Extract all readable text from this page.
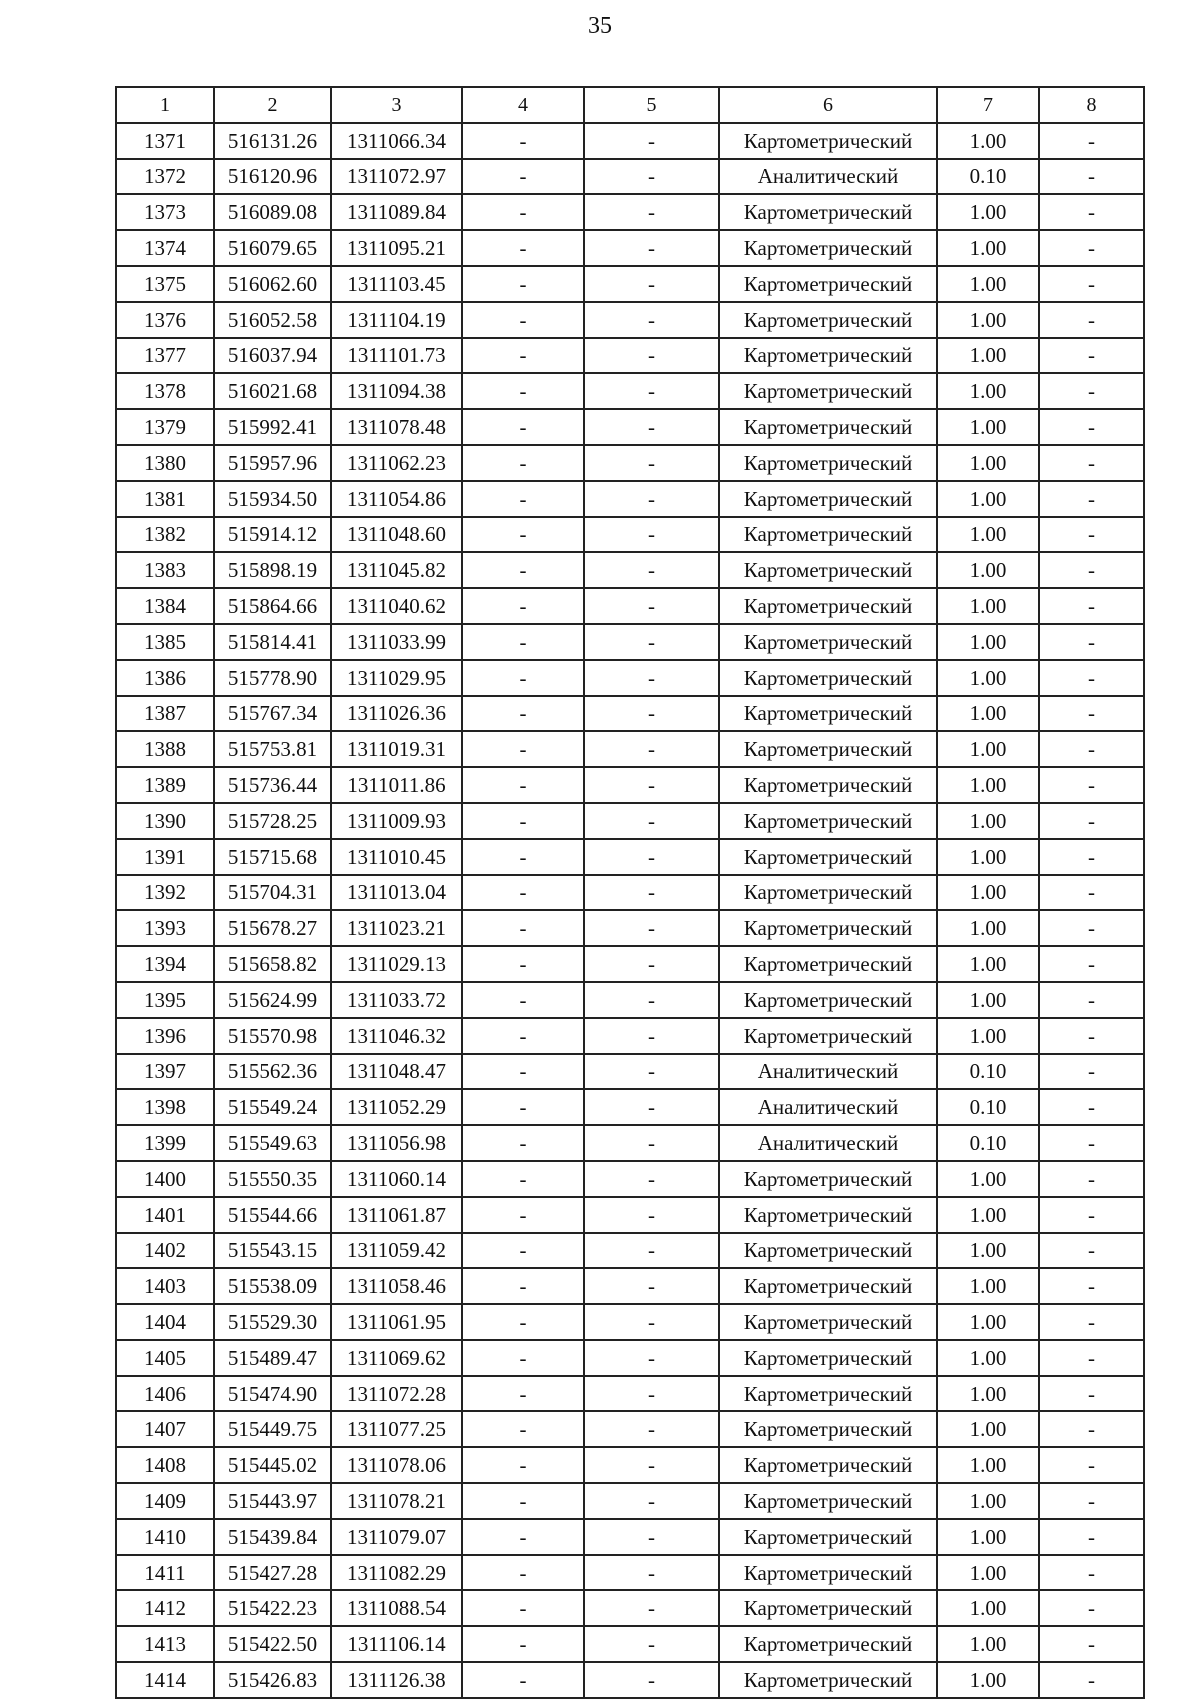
35
1	2	3	4	5	6	7	8
1371	516131.26	1311066.34	-	-	Картометрический	1.00	-
1372	516120.96	1311072.97	-	-	Аналитический	0.10	-
1373	516089.08	1311089.84	-	-	Картометрический	1.00	-
1374	516079.65	1311095.21	-	-	Картометрический	1.00	-
1375	516062.60	1311103.45	-	-	Картометрический	1.00	-
1376	516052.58	1311104.19	-	-	Картометрический	1.00	-
1377	516037.94	1311101.73	-	-	Картометрический	1.00	-
1378	516021.68	1311094.38	-	-	Картометрический	1.00	-
1379	515992.41	1311078.48	-	-	Картометрический	1.00	-
1380	515957.96	1311062.23	-	-	Картометрический	1.00	-
1381	515934.50	1311054.86	-	-	Картометрический	1.00	-
1382	515914.12	1311048.60	-	-	Картометрический	1.00	-
1383	515898.19	1311045.82	-	-	Картометрический	1.00	-
1384	515864.66	1311040.62	-	-	Картометрический	1.00	-
1385	515814.41	1311033.99	-	-	Картометрический	1.00	-
1386	515778.90	1311029.95	-	-	Картометрический	1.00	-
1387	515767.34	1311026.36	-	-	Картометрический	1.00	-
1388	515753.81	1311019.31	-	-	Картометрический	1.00	-
1389	515736.44	1311011.86	-	-	Картометрический	1.00	-
1390	515728.25	1311009.93	-	-	Картометрический	1.00	-
1391	515715.68	1311010.45	-	-	Картометрический	1.00	-
1392	515704.31	1311013.04	-	-	Картометрический	1.00	-
1393	515678.27	1311023.21	-	-	Картометрический	1.00	-
1394	515658.82	1311029.13	-	-	Картометрический	1.00	-
1395	515624.99	1311033.72	-	-	Картометрический	1.00	-
1396	515570.98	1311046.32	-	-	Картометрический	1.00	-
1397	515562.36	1311048.47	-	-	Аналитический	0.10	-
1398	515549.24	1311052.29	-	-	Аналитический	0.10	-
1399	515549.63	1311056.98	-	-	Аналитический	0.10	-
1400	515550.35	1311060.14	-	-	Картометрический	1.00	-
1401	515544.66	1311061.87	-	-	Картометрический	1.00	-
1402	515543.15	1311059.42	-	-	Картометрический	1.00	-
1403	515538.09	1311058.46	-	-	Картометрический	1.00	-
1404	515529.30	1311061.95	-	-	Картометрический	1.00	-
1405	515489.47	1311069.62	-	-	Картометрический	1.00	-
1406	515474.90	1311072.28	-	-	Картометрический	1.00	-
1407	515449.75	1311077.25	-	-	Картометрический	1.00	-
1408	515445.02	1311078.06	-	-	Картометрический	1.00	-
1409	515443.97	1311078.21	-	-	Картометрический	1.00	-
1410	515439.84	1311079.07	-	-	Картометрический	1.00	-
1411	515427.28	1311082.29	-	-	Картометрический	1.00	-
1412	515422.23	1311088.54	-	-	Картометрический	1.00	-
1413	515422.50	1311106.14	-	-	Картометрический	1.00	-
1414	515426.83	1311126.38	-	-	Картометрический	1.00	-
